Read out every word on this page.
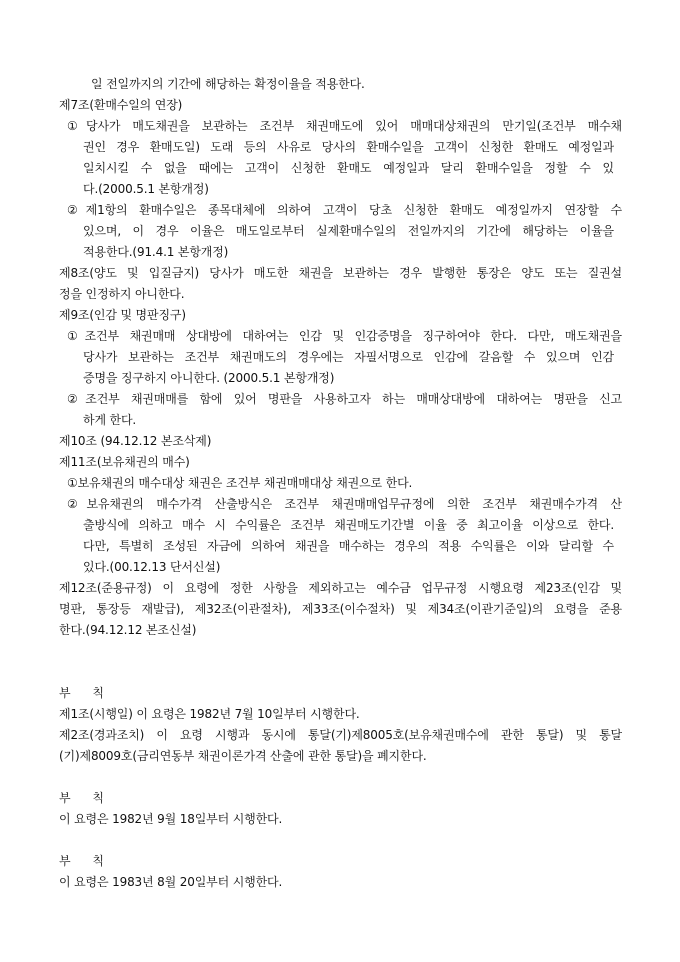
일 전일까지의 기간에 해당하는 확정이율을 적용한다.
제7조(환매수일의 연장)
①당사가 매도채권을 보관하는 조건부 채권매도에 있어 매매대상채권의 만기일(조건부 매수채
권인 경우 환매도일) 도래 등의 사유로 당사의 환매수일을 고객이 신청한 환매도 예정일과
일치시킬 수 없을 때에는 고객이 신청한 환매도 예정일과 달리 환매수일을 정할 수 있
다.(2000.5.1 본항개정)
②제1항의 환매수일은 종목대체에 의하여 고객이 당초 신청한 환매도 예정일까지 연장할 수
있으며, 이 경우 이율은 매도일로부터 실제환매수일의 전일까지의 기간에 해당하는 이율을
적용한다.(91.4.1 본항개정)
제8조(양도 및 입질금지) 당사가 매도한 채권을 보관하는 경우 발행한 통장은 양도 또는 질권설
정을 인정하지 아니한다.
제9조(인감 및 명판징구)
①조건부 채권매매 상대방에 대하여는 인감 및 인감증명을 징구하여야 한다. 다만, 매도채권을
당사가 보관하는 조건부 채권매도의 경우에는 자필서명으로 인감에 갈음할 수 있으며 인감
증명을 징구하지 아니한다. (2000.5.1 본항개정)
②조건부 채권매매를 함에 있어 명판을 사용하고자 하는 매매상대방에 대하여는 명판을 신고
하게 한다.
제10조 (94.12.12 본조삭제)
제11조(보유채권의 매수)
①보유채권의 매수대상 채권은 조건부 채권매매대상 채권으로 한다.
②보유채권의 매수가격 산출방식은 조건부 채권매매업무규정에 의한 조건부 채권매수가격 산
출방식에 의하고 매수 시 수익률은 조건부 채권매도기간별 이율 중 최고이율 이상으로 한다.
다만, 특별히 조성된 자금에 의하여 채권을 매수하는 경우의 적용 수익률은 이와 달리할 수
있다.(00.12.13 단서신설)
제12조(준용규정) 이 요령에 정한 사항을 제외하고는 예수금 업무규정 시행요령 제23조(인감 및
명판, 통장등 재발급), 제32조(이관절차), 제33조(이수절차) 및 제34조(이관기준일)의 요령을 준용
한다.(94.12.12 본조신설)
부      칙
제1조(시행일) 이 요령은 1982년 7월 10일부터 시행한다.
제2조(경과조치) 이 요령 시행과 동시에 통달(기)제8005호(보유채권매수에 관한 통달) 및 통달
(기)제8009호(금리연동부 채권이론가격 산출에 관한 통달)을 폐지한다.
부      칙
이 요령은 1982년 9월 18일부터 시행한다.
부      칙
이 요령은 1983년 8월 20일부터 시행한다.
